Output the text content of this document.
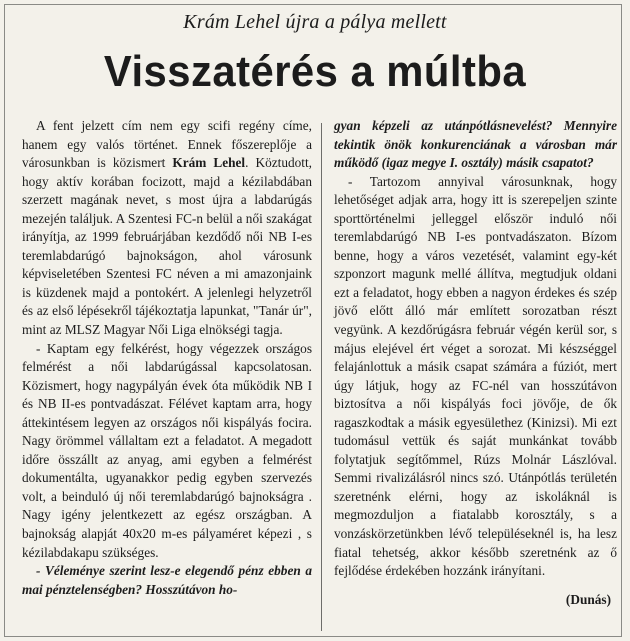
Krám Lehel újra a pálya mellett
Visszatérés a múltba

A fent jelzett cím nem egy scifi regény címe, hanem egy valós történet. Ennek főszereplője a városunkban is közismert Krám Lehel. Köztudott, hogy aktív korában focizott, majd a kézilabdában szerzett magának nevet, s most újra a labdarúgás mezején találjuk. A Szentesi FC-n belül a női szakágat irányítja, az 1999 februárjában kezdődő női NB I-es teremlabdarúgó bajnokságon, ahol városunk képviseletében Szentesi FC néven a mi amazonjaink is küzdenek majd a pontokért. A jelenlegi helyzetről és az első lépésekről tájékoztatja lapunkat, "Tanár úr", mint az MLSZ Magyar Női Liga elnökségi tagja.

- Kaptam egy felkérést, hogy végezzek országos felmérést a női labdarúgással kapcsolatosan. Közismert, hogy nagypályán évek óta működik NB I és NB II-es pontvadászat. Félévet kaptam arra, hogy áttekintésem legyen az országos női kispályás focira. Nagy örömmel vállaltam ezt a feladatot. A megadott időre összállt az anyag, ami egyben a felmérést dokumentálta, ugyanakkor pedig egyben szervezés volt, a beinduló új női teremlabdarúgó bajnokságra . Nagy igény jelentkezett az egész országban. A bajnokság alapját 40x20 m-es pályaméret képezi , s kézilabdakapu szükséges.

- Véleménye szerint lesz-e elegendő pénz ebben a mai pénztelenségben? Hosszútávon ho-

gyan képzeli az utánpótlásnevelést? Mennyire tekintik önök konkurenciának a városban már működő (igaz megye I. osztály) másik csapatot?

- Tartozom annyival városunknak, hogy lehetőséget adjak arra, hogy itt is szerepeljen szinte sporttörténelmi jelleggel először induló női teremlabdarúgó NB I-es pontvadászaton. Bízom benne, hogy a város vezetését, valamint egy-két szponzort magunk mellé állítva, megtudjuk oldani ezt a feladatot, hogy ebben a nagyon érdekes és szép jövő előtt álló már említett sorozatban részt vegyünk. A kezdőrúgásra február végén kerül sor, s május elejével ért véget a sorozat. Mi készséggel felajánlottuk a másik csapat számára a fúziót, mert úgy látjuk, hogy az FC-nél van hosszútávon biztosítva a női kispályás foci jövője, de ők ragaszkodtak a másik egyesülethez (Kinizsi). Mi ezt tudomásul vettük és saját munkánkat tovább folytatjuk segítőmmel, Rúzs Molnár Lászlóval. Semmi rivalizálásról nincs szó. Utánpótlás területén szeretnénk elérni, hogy az iskoláknál is megmozduljon a fiatalabb korosztály, s a vonzáskörzetünkben lévő településeknél is, ha lesz fiatal tehetség, akkor később szeretnénk az ő fejlődése érdekében hozzánk irányítani.

(Dunás)
